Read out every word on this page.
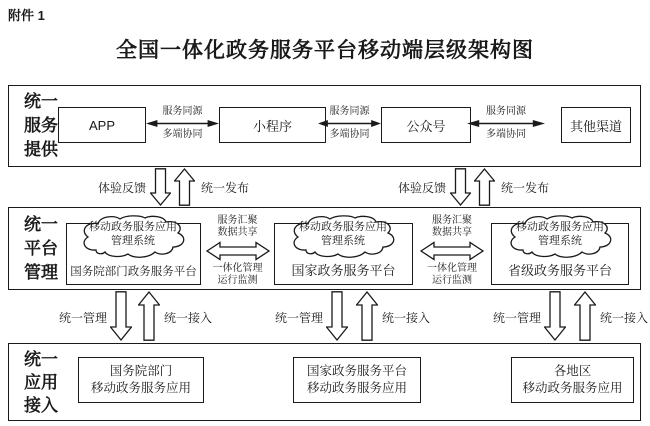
附件 1
全国一体化政务服务平台移动端层级架构图
统一
服务
提供
APP	小程序	公众号	其他渠道
服务同源
多端协同
服务同源
多端协同
服务同源
多端协同
体验反馈	统一发布	体验反馈	统一发布
统一
平台
管理 国务院部门政务服务平台	国家政务服务平台	省级政务服务平台
移动政务服务应用
管理系统
移动政务服务应用
管理系统
移动政务服务应用
管理系统
服务汇聚
数据共享
一体化管理
运行监测
服务汇聚
数据共享
一体化管理
运行监测
统一管理	统一接入	统一管理	统一接入	统一管理	统一接入
统一
应用
接入
国务院部门
移动政务服务应用
国家政务服务平台
移动政务服务应用
各地区
移动政务服务应用
